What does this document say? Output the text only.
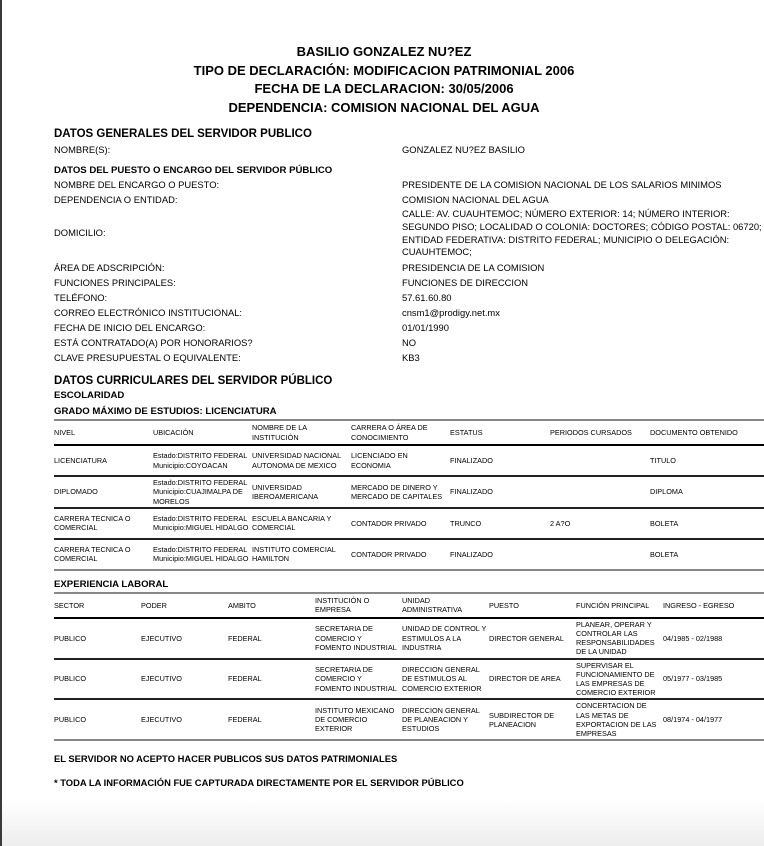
BASILIO GONZALEZ NU?EZ
TIPO DE DECLARACIÓN: MODIFICACION PATRIMONIAL 2006
FECHA DE LA DECLARACION: 30/05/2006
DEPENDENCIA: COMISION NACIONAL DEL AGUA
DATOS GENERALES DEL SERVIDOR PUBLICO
NOMBRE(S):	GONZALEZ NU?EZ BASILIO
DATOS DEL PUESTO O ENCARGO DEL SERVIDOR PÚBLICO
NOMBRE DEL ENCARGO O PUESTO:	PRESIDENTE DE LA COMISION NACIONAL DE LOS SALARIOS MINIMOS
DEPENDENCIA O ENTIDAD:	COMISION NACIONAL DEL AGUA
DOMICILIO:
CALLE: AV. CUAUHTEMOC; NÚMERO EXTERIOR: 14; NÚMERO INTERIOR: SEGUNDO PISO; LOCALIDAD O COLONIA: DOCTORES; CÓDIGO POSTAL: 06720; ENTIDAD FEDERATIVA: DISTRITO FEDERAL; MUNICIPIO O DELEGACIÓN: CUAUHTEMOC;
ÁREA DE ADSCRIPCIÓN:	PRESIDENCIA DE LA COMISION
FUNCIONES PRINCIPALES:	FUNCIONES DE DIRECCION
TELÉFONO:	57.61.60.80
CORREO ELECTRÓNICO INSTITUCIONAL:	cnsm1@prodigy.net.mx
FECHA DE INICIO DEL ENCARGO:	01/01/1990
ESTÁ CONTRATADO(A) POR HONORARIOS?	NO
CLAVE PRESUPUESTAL O EQUIVALENTE:	KB3
DATOS CURRICULARES DEL SERVIDOR PÚBLICO
ESCOLARIDAD
GRADO MÁXIMO DE ESTUDIOS: LICENCIATURA
NIVEL	UBICACIÓN	NOMBRE DE LA INSTITUCIÓN	CARRERA O ÁREA DE CONOCIMIENTO	ESTATUS	PERIODOS CURSADOS	DOCUMENTO OBTENIDO
LICENCIATURA	Estado:DISTRITO FEDERAL Municipio:COYOACAN	UNIVERSIDAD NACIONAL AUTONOMA DE MEXICO	LICENCIADO EN ECONOMIA	FINALIZADO		TITULO
DIPLOMADO	Estado:DISTRITO FEDERAL Municipio:CUAJIMALPA DE MORELOS	UNIVERSIDAD IBEROAMERICANA	MERCADO DE DINERO Y MERCADO DE CAPITALES	FINALIZADO		DIPLOMA
CARRERA TECNICA O COMERCIAL	Estado:DISTRITO FEDERAL Municipio:MIGUEL HIDALGO	ESCUELA BANCARIA Y COMERCIAL	CONTADOR PRIVADO	TRUNCO	2 A?O	BOLETA
CARRERA TECNICA O COMERCIAL	Estado:DISTRITO FEDERAL Municipio:MIGUEL HIDALGO	INSTITUTO COMERCIAL HAMILTON	CONTADOR PRIVADO	FINALIZADO		BOLETA
EXPERIENCIA LABORAL
SECTOR	PODER	AMBITO	INSTITUCIÓN O EMPRESA	UNIDAD ADMINISTRATIVA	PUESTO	FUNCIÓN PRINCIPAL	INGRESO - EGRESO
PUBLICO	EJECUTIVO	FEDERAL	SECRETARIA DE COMERCIO Y FOMENTO INDUSTRIAL	UNIDAD DE CONTROL Y ESTIMULOS A LA INDUSTRIA	DIRECTOR GENERAL	PLANEAR, OPERAR Y CONTROLAR LAS RESPONSABILIDADES DE LA UNIDAD	04/1985 - 02/1988
PUBLICO	EJECUTIVO	FEDERAL	SECRETARIA DE COMERCIO Y FOMENTO INDUSTRIAL	DIRECCION GENERAL DE ESTIMULOS AL COMERCIO EXTERIOR	DIRECTOR DE AREA	SUPERVISAR EL FUNCIONAMIENTO DE LAS EMPRESAS DE COMERCIO EXTERIOR	05/1977 - 03/1985
PUBLICO	EJECUTIVO	FEDERAL	INSTITUTO MEXICANO DE COMERCIO EXTERIOR	DIRECCION GENERAL DE PLANEACION Y ESTUDIOS	SUBDIRECTOR DE PLANEACION	CONCERTACION DE LAS METAS DE EXPORTACION DE LAS EMPRESAS	08/1974 - 04/1977
EL SERVIDOR NO ACEPTO HACER PUBLICOS SUS DATOS PATRIMONIALES
* TODA LA INFORMACIÓN FUE CAPTURADA DIRECTAMENTE POR EL SERVIDOR PÚBLICO
